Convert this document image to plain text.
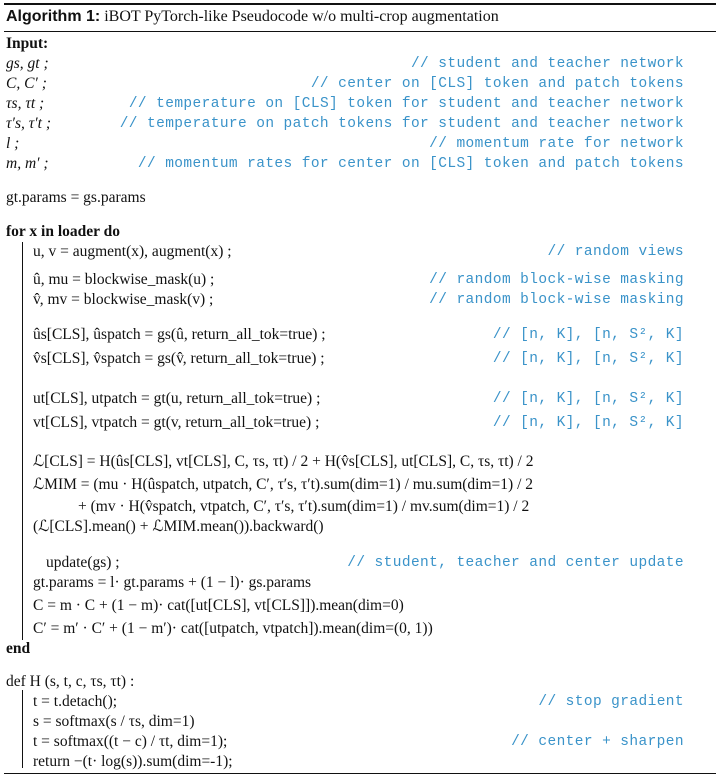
Algorithm 1: iBOT PyTorch-like Pseudocode w/o multi-crop augmentation
Input:
gs, gt ;	// student and teacher network
C, C′ ;	// center on [CLS] token and patch tokens
τs, τt ;	// temperature on [CLS] token for student and teacher network
τ′s, τ′t ;	// temperature on patch tokens for student and teacher network
l ;	// momentum rate for network
m, m′ ;	// momentum rates for center on [CLS] token and patch tokens
gt.params = gs.params
for x in loader do
u, v = augment(x), augment(x) ;	// random views
û, mu = blockwise_mask(u) ;	// random block-wise masking
v̂, mv = blockwise_mask(v) ;	// random block-wise masking
ûs[CLS], ûspatch = gs(û, return_all_tok=true) ;	// [n, K], [n, S², K]
v̂s[CLS], v̂spatch = gs(v̂, return_all_tok=true) ;	// [n, K], [n, S², K]
ut[CLS], utpatch = gt(u, return_all_tok=true) ;	// [n, K], [n, S², K]
vt[CLS], vtpatch = gt(v, return_all_tok=true) ;	// [n, K], [n, S², K]
ℒ[CLS] = H(ûs[CLS], vt[CLS], C, τs, τt) / 2 + H(v̂s[CLS], ut[CLS], C, τs, τt) / 2
ℒMIM = (mu · H(ûspatch, utpatch, C′, τ′s, τ′t).sum(dim=1) / mu.sum(dim=1) / 2
+ (mv · H(v̂spatch, vtpatch, C′, τ′s, τ′t).sum(dim=1) / mv.sum(dim=1) / 2
(ℒ[CLS].mean() + ℒMIM.mean()).backward()
update(gs) ;	// student, teacher and center update
gt.params = l· gt.params + (1 − l)· gs.params
C = m · C + (1 − m)· cat([ut[CLS], vt[CLS]]).mean(dim=0)
C′ = m′ · C′ + (1 − m′)· cat([utpatch, vtpatch]).mean(dim=(0, 1))
end
def H (s, t, c, τs, τt) :
t = t.detach();	// stop gradient
s = softmax(s / τs, dim=1)
t = softmax((t − c) / τt, dim=1);	// center + sharpen
return −(t· log(s)).sum(dim=-1);
